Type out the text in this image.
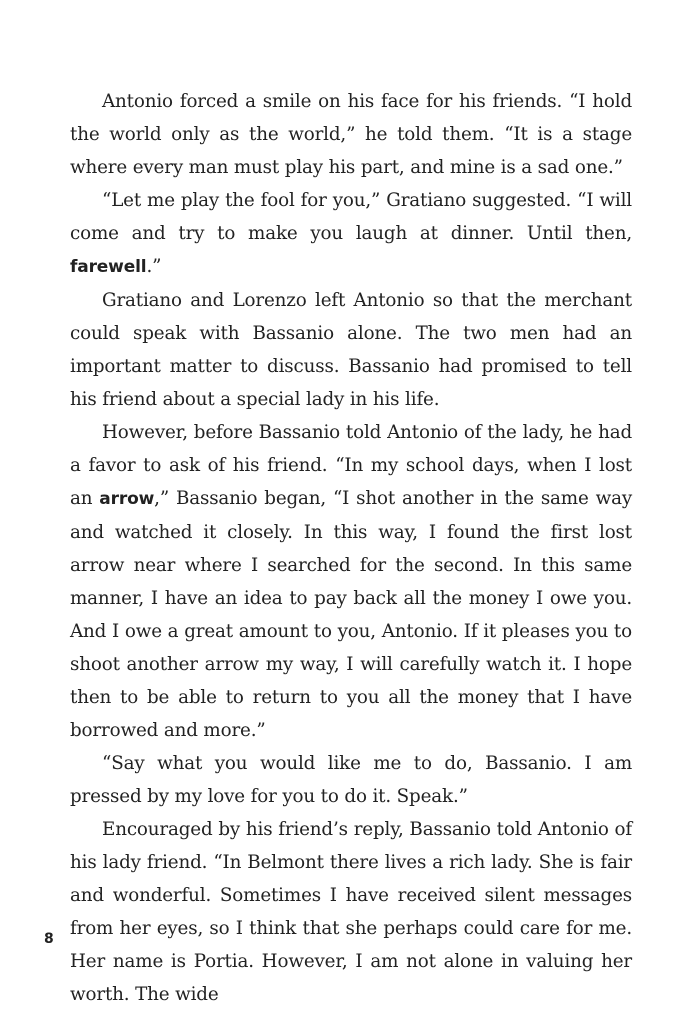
Antonio forced a smile on his face for his friends. “I hold the world only as the world,” he told them. “It is a stage where every man must play his part, and mine is a sad one.”

“Let me play the fool for you,” Gratiano suggested. “I will come and try to make you laugh at dinner. Until then, farewell.”

Gratiano and Lorenzo left Antonio so that the merchant could speak with Bassanio alone. The two men had an important matter to discuss. Bassanio had promised to tell his friend about a special lady in his life.

However, before Bassanio told Antonio of the lady, he had a favor to ask of his friend. “In my school days, when I lost an arrow,” Bassanio began, “I shot another in the same way and watched it closely. In this way, I found the first lost arrow near where I searched for the second. In this same manner, I have an idea to pay back all the money I owe you. And I owe a great amount to you, Antonio. If it pleases you to shoot another arrow my way, I will carefully watch it. I hope then to be able to return to you all the money that I have borrowed and more.”

“Say what you would like me to do, Bassanio. I am pressed by my love for you to do it. Speak.”

Encouraged by his friend’s reply, Bassanio told Antonio of his lady friend. “In Belmont there lives a rich lady. She is fair and wonderful. Sometimes I have received silent messages from her eyes, so I think that she perhaps could care for me. Her name is Portia. However, I am not alone in valuing her worth. The wide

8
